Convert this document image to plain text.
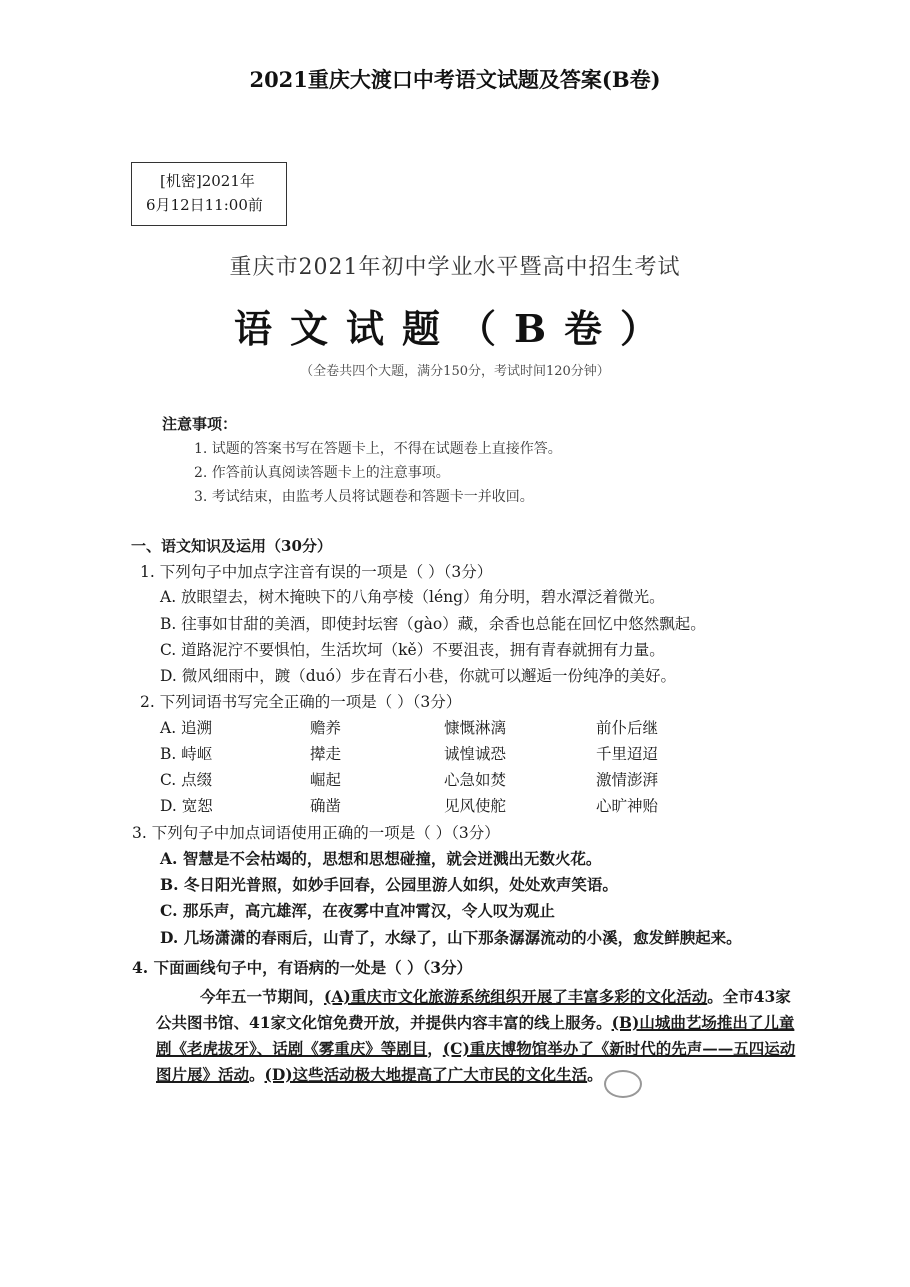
2021重庆大渡口中考语文试题及答案(B卷)
[机密]2021年
6月12日11:00前
重庆市2021年初中学业水平暨高中招生考试
语文试题（B卷）
（全卷共四个大题，满分150分，考试时间120分钟）
注意事项：
1. 试题的答案书写在答题卡上，不得在试题卷上直接作答。
2. 作答前认真阅读答题卡上的注意事项。
3. 考试结束，由监考人员将试题卷和答题卡一并收回。
一、语文知识及运用（30分）
1. 下列句子中加点字注音有误的一项是（ ）（3分）
A. 放眼望去，树木掩映下的八角亭棱（léng）角分明，碧水潭泛着微光。
B. 往事如甘甜的美酒，即使封坛窖（gào）藏，余香也总能在回忆中悠然飘起。
C. 道路泥泞不要惧怕，生活坎坷（kě）不要沮丧，拥有青春就拥有力量。
D. 微风细雨中，踱（duó）步在青石小巷，你就可以邂逅一份纯净的美好。
2. 下列词语书写完全正确的一项是（ ）（3分）
A. 追溯	赡养	慷慨淋漓	前仆后继
B. 峙岖	撵走	诚惶诚恐	千里迢迢
C. 点缀	崛起	心急如焚	激情澎湃
D. 宽恕	确凿	见风使舵	心旷神贻
3. 下列句子中加点词语使用正确的一项是（ ）（3分）
A. 智慧是不会枯竭的，思想和思想碰撞，就会迸溅出无数火花。
B. 冬日阳光普照，如妙手回春，公园里游人如织，处处欢声笑语。
C. 那乐声，高亢雄浑，在夜雾中直冲霄汉，令人叹为观止
D. 几场潇潇的春雨后，山青了，水绿了，山下那条潺潺流动的小溪，愈发鲜腴起来。
4. 下面画线句子中，有语病的一处是（ ）（3分）
今年五一节期间，(A)重庆市文化旅游系统组织开展了丰富多彩的文化活动。全市43家公共图书馆、41家文化馆免费开放，并提供内容丰富的线上服务。(B)山城曲艺场推出了儿童剧《老虎拔牙》、话剧《雾重庆》等剧目，(C)重庆博物馆举办了《新时代的先声——五四运动图片展》活动。(D)这些活动极大地提高了广大市民的文化生活。
